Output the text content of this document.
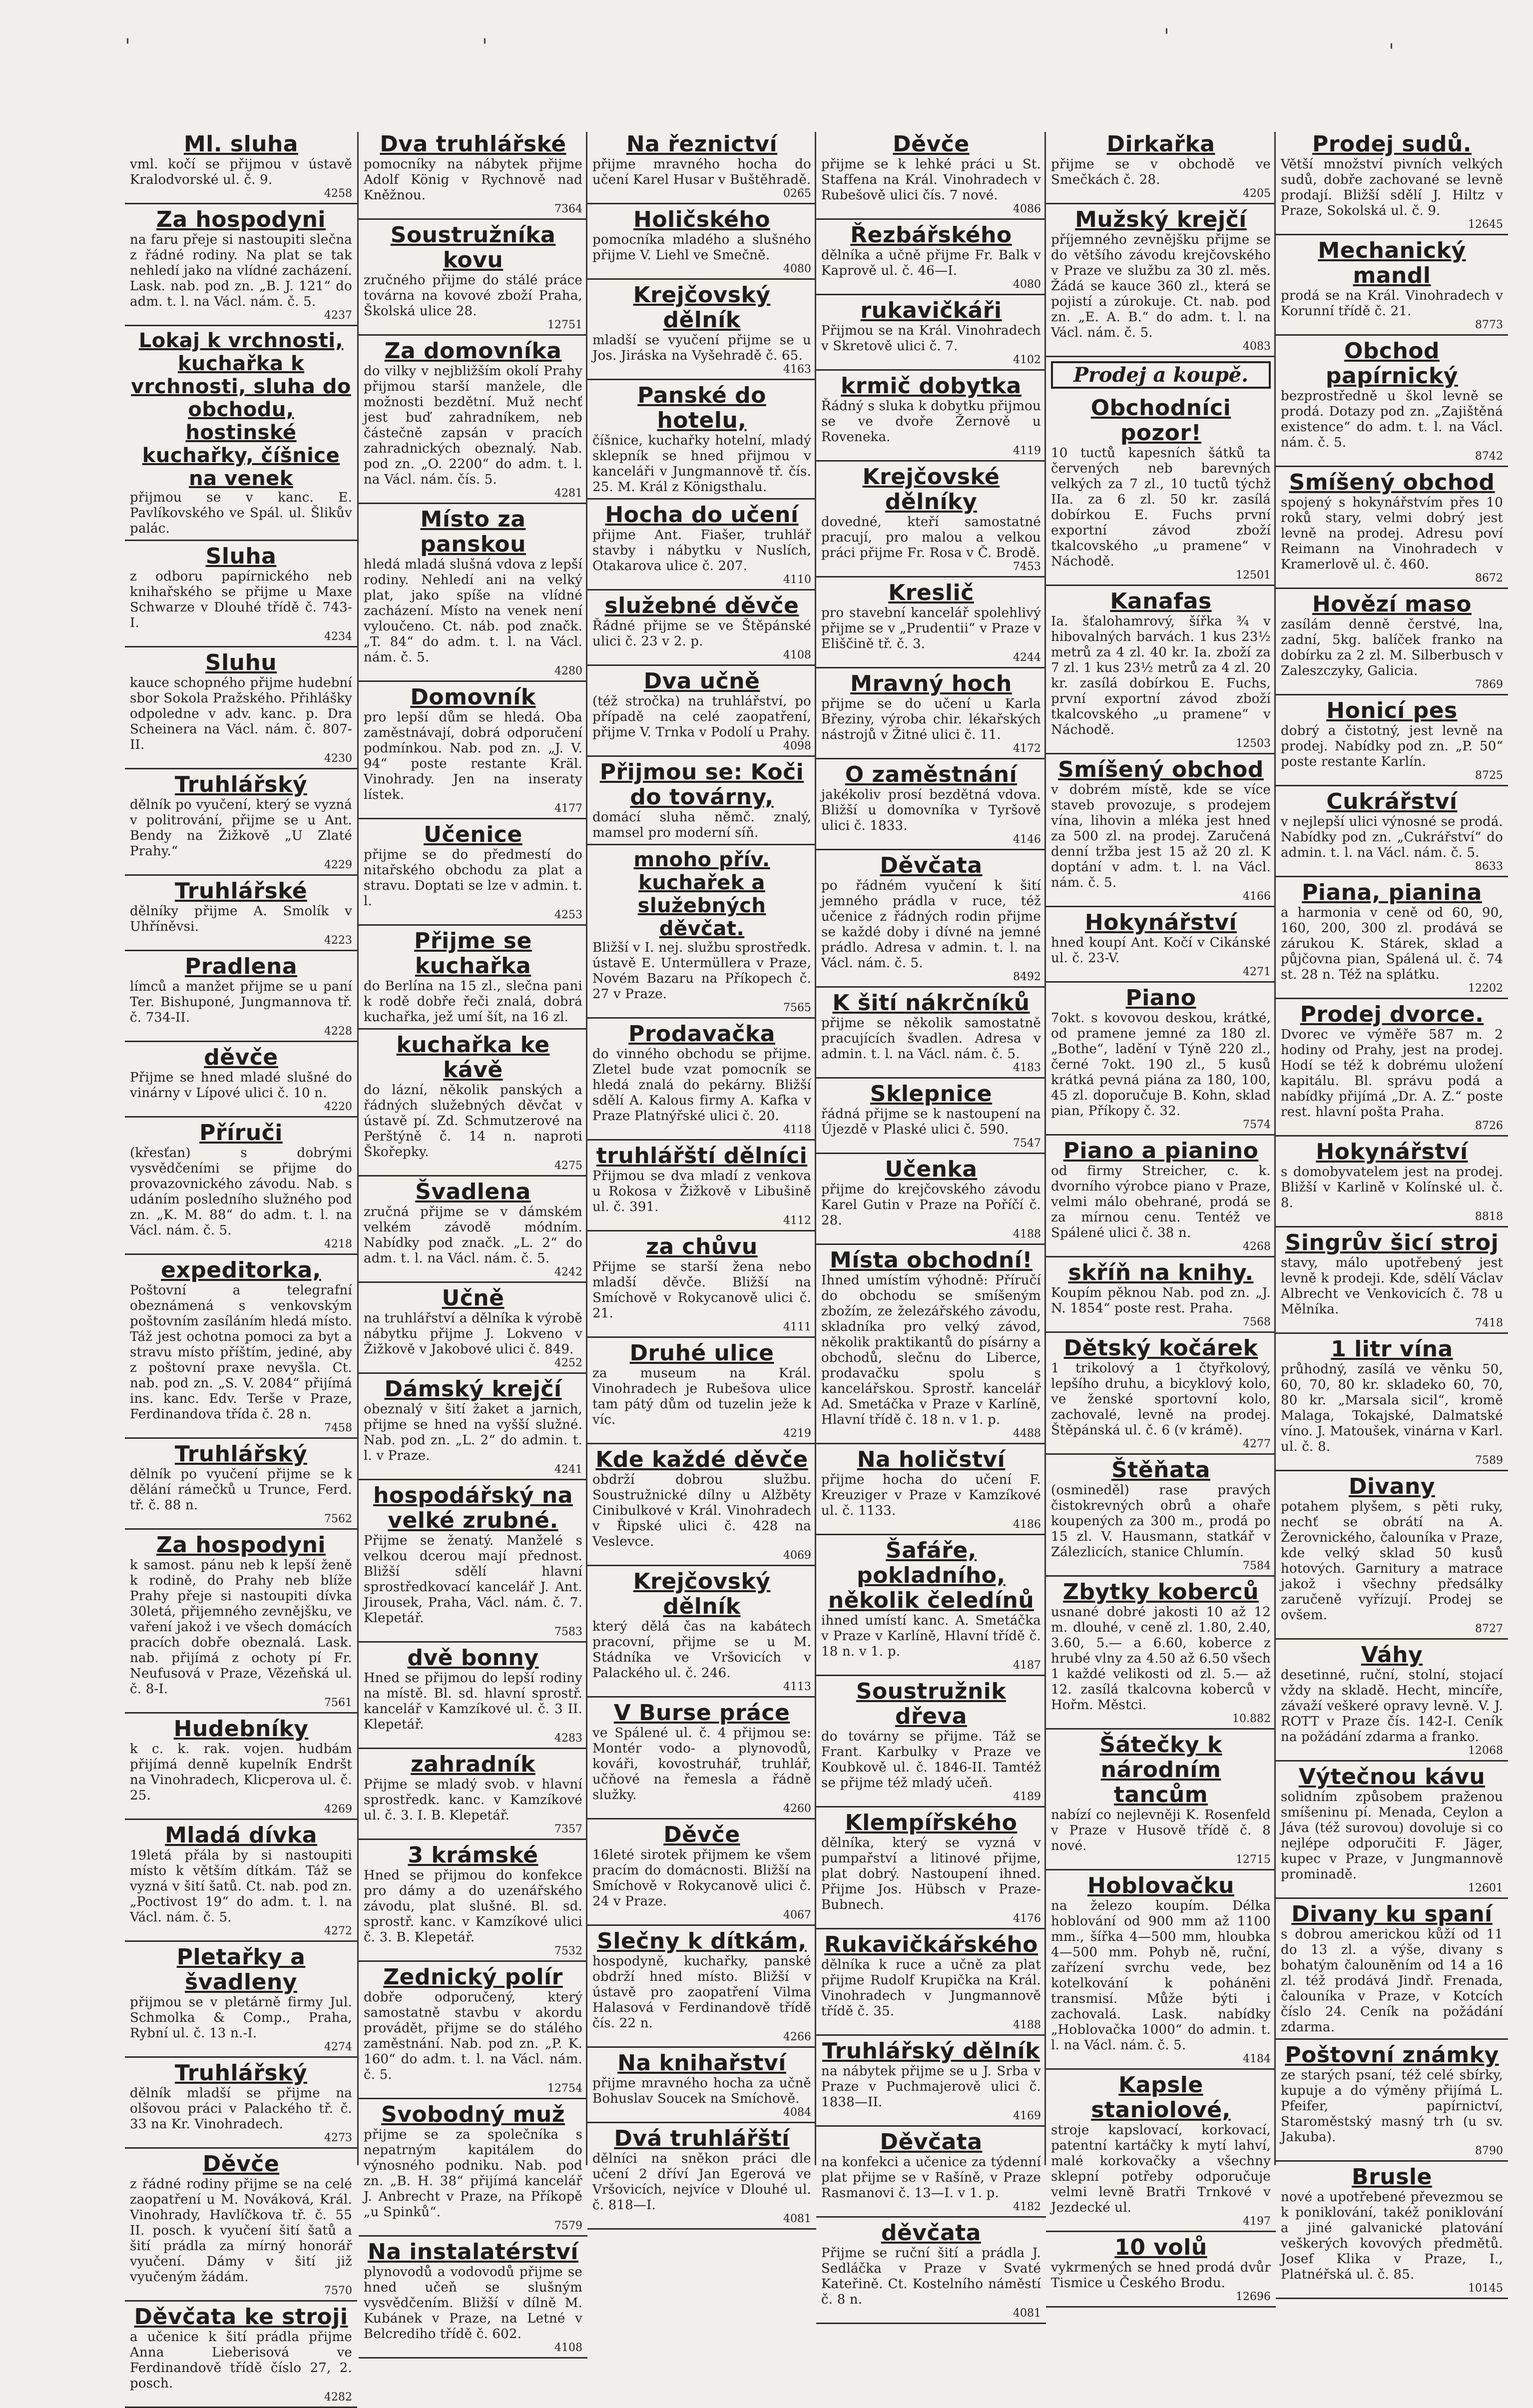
'	'	'
'
Ml. sluha
vml. kočí se přijmou v ústavě Kralodvorské ul. č. 9.
4258
Za hospodyni
na faru přeje si nastoupiti slečna z řádné rodiny. Na plat se tak nehledí jako na vlídné zacházení. Lask. nab. pod zn. „B. J. 121“ do adm. t. l. na Václ. nám. č. 5.
4237
Lokaj k vrchnosti, kuchařka k vrchnosti, sluha do obchodu, hostinské kuchařky, číšnice na venek
přijmou se v kanc. E. Pavlíkovského ve Spál. ul. Šlikův palác.
Sluha
z odboru papírnického neb knihařského se přijme u Maxe Schwarze v Dlouhé třídě č. 743-I.
4234
Sluhu
kauce schopného přijme hudební sbor Sokola Pražského. Přihlášky odpoledne v adv. kanc. p. Dra Scheinera na Václ. nám. č. 807-II.
4230
Truhlářský
dělník po vyučení, který se vyzná v politrování, přijme se u Ant. Bendy na Žižkově „U Zlaté Prahy.“
4229
Truhlářské
dělníky přijme A. Smolík v Uhříněvsi.
4223
Pradlena
límců a manžet přijme se u paní Ter. Bishuponé, Jungmannova tř. č. 734-II.
4228
děvče
Přijme se hned mladé slušné do vinárny v Lípové ulici č. 10 n.
4220
Příruči
(křesťan) s dobrými vysvědčeními se přijme do provazovnického závodu. Nab. s udáním posledního služného pod zn. „K. M. 88“ do adm. t. l. na Václ. nám. č. 5.
4218
expeditorka,
Poštovní a telegrafní obeznámená s venkovským poštovním zasíláním hledá místo. Táž jest ochotna pomoci za byt a stravu místo příštím, jediné, aby z poštovní praxe nevyšla. Ct. nab. pod zn. „S. V. 2084“ přijímá ins. kanc. Edv. Terše v Praze, Ferdinandova třída č. 28 n.
7458
Truhlářský
dělník po vyučení přijme se k dělání rámečků u Trunce, Ferd. tř. č. 88 n.
7562
Za hospodyni
k samost. pánu neb k lepší ženě k rodině, do Prahy neb blíže Prahy přeje si nastoupiti dívka 30letá, přijemného zevnějšku, ve vaření jakož i ve všech domácích pracích dobře obeznalá. Lask. nab. přijímá z ochoty pí Fr. Neufusová v Praze, Vězeňská ul. č. 8-I.
7561
Hudebníky
k c. k. rak. vojen. hudbám přijímá denně kupelník Endršt na Vinohradech, Klicperova ul. č. 25.
4269
Mladá dívka
19letá přála by si nastoupiti místo k větším dítkám. Táž se vyzná v šití šatů. Ct. nab. pod zn. „Poctivost 19“ do adm. t. l. na Václ. nám. č. 5.
4272
Pletařky a švadleny
přijmou se v pletárně firmy Jul. Schmolka & Comp., Praha, Rybní ul. č. 13 n.-I.
4274
Truhlářský
dělník mladší se přijme na olšovou práci v Palackého tř. č. 33 na Kr. Vinohradech.
4273
Děvče
z řádné rodiny přijme se na celé zaopatření u M. Nováková, Král. Vinohrady, Havlíčkova tř. č. 55 II. posch. k vyučení šití šatů a šití prádla za mírný honorář vyučení. Dámy v šití již vyučeným žádám.
7570
Děvčata ke stroji
a učenice k šití prádla přijme Anna Lieberisová ve Ferdinandově třídě číslo 27, 2. posch.
4282
Dva truhlářské
pomocníky na nábytek přijme Adolf König v Rychnově nad Kněžnou.
7364
Soustružníka kovu
zručného přijme do stálé práce továrna na kovové zboží Praha, Školská ulice 28.
12751
Za domovníka
do vilky v nejbližším okolí Prahy přijmou starší manžele, dle možnosti bezdětní. Muž nechť jest buď zahradníkem, neb částečně zapsán v pracích zahradnických obeznalý. Nab. pod zn. „O. 2200“ do adm. t. l. na Václ. nám. čís. 5.
4281
Místo za panskou
hledá mladá slušná vdova z lepší rodiny. Nehledí ani na velký plat, jako spíše na vlídné zacházení. Místo na venek není vyloučeno. Ct. náb. pod značk. „T. 84“ do adm. t. l. na Václ. nám. č. 5.
4280
Domovník
pro lepší dům se hledá. Oba zaměstnávají, dobrá odporučení podmínkou. Nab. pod zn. „J. V. 94“ poste restante Kräl. Vinohrady. Jen na inseraty lístek.
4177
Učenice
přijme se do předmestí do nitařského obchodu za plat a stravu. Doptati se lze v admin. t. l.
4253
Přijme se kuchařka
do Berlína na 15 zl., slečna pani k rodě dobře řeči znalá, dobrá kuchařka, jež umí šít, na 16 zl.
kuchařka ke kávě
do lázní, několik panských a řádných služebných děvčat v ústavě pí. Zd. Schmutzerové na Perštýně č. 14 n. naproti Škořepky.
4275
Švadlena
zručná přijme se v dámském velkém závodě módním. Nabídky pod značk. „L. 2“ do adm. t. l. na Václ. nám. č. 5.
4242
Učně
na truhlářství a dělníka k výrobě nábytku přijme J. Lokveno v Žižkově v Jakobové ulici č. 849.
4252
Dámský krejčí
obeznalý v šití žaket a jarnich, přijme se hned na vyšší služné. Nab. pod zn. „L. 2“ do admin. t. l. v Praze.
4241
hospodářský na velké zrubné.
Přijme se ženatý. Manželé s velkou dcerou mají přednost. Bližší sdělí hlavní sprostředkovací kancelář J. Ant. Jirousek, Praha, Václ. nám. č. 7. Klepetář.
7583
dvě bonny
Hned se přijmou do lepší rodiny na místě. Bl. sd. hlavní sprostř. kancelář v Kamzíkové ul. č. 3 II. Klepetář.
4283
zahradník
Přijme se mladý svob. v hlavní sprostředk. kanc. v Kamzíkové ul. č. 3. I. B. Klepetář.
7357
3 krámské
Hned se přijmou do konfekce pro dámy a do uzenářského závodu, plat slušné. Bl. sd. sprostř. kanc. v Kamzíkové ulici č. 3. B. Klepetář.
7532
Zednický polír
dobře odporučený, který samostatně stavbu v akordu provádět, přijme se do stálého zaměstnání. Nab. pod zn. „P. K. 160“ do adm. t. l. na Václ. nám. č. 5.
12754
Svobodný muž
přijme se za společníka s nepatrným kapitálem do výnosného podniku. Nab. pod zn. „B. H. 38“ přijímá kancelář J. Anbrecht v Praze, na Příkopě „u Spinků“.
7579
Na instalatérství
plynovodů a vodovodů přijme se hned učeň se slušným vysvědčením. Bližší v dílně M. Kubánek v Praze, na Letné v Belcrediho třídě č. 602.
4108
Na řeznictví
přijme mravného hocha do učení Karel Husar v Buštěhradě.
0265
Holičského
pomocníka mladého a slušného přijme V. Liehl ve Smečně.
4080
Krejčovský dělník
mladší se vyučení přijme se u Jos. Jiráska na Vyšehradě č. 65.
4163
Panské do hotelu,
číšnice, kuchařky hotelní, mladý sklepník se hned přijmou v kanceláři v Jungmannově tř. čís. 25. M. Král z Königsthalu.
Hocha do učení
přijme Ant. Fiašer, truhlář stavby i nábytku v Nuslích, Otakarova ulice č. 207.
4110
služebné děvče
Řádné přijme se ve Štěpánské ulici č. 23 v 2. p.
4108
Dva učně
(též stročka) na truhlářství, po případě na celé zaopatření, přijme V. Trnka v Podolí u Prahy.
4098
Přijmou se: Koči do továrny,
domácí sluha němč. znalý, mamsel pro moderní síň.
mnoho přív. kuchařek a služebných děvčat.
Bližší v I. nej. službu sprostředk. ústavě E. Untermüllera v Praze, Novém Bazaru na Příkopech č. 27 v Praze.
7565
Prodavačka
do vinného obchodu se přijme. Zletel bude vzat pomocník se hledá znalá do pekárny. Bližší sdělí A. Kalous firmy A. Kafka v Praze Platnýřské ulici č. 20.
4118
truhlářští dělníci
Přijmou se dva mladí z venkova u Rokosa v Žižkově v Libušině ul. č. 391.
4112
za chůvu
Přijme se starší žena nebo mladší děvče. Bližší na Smíchově v Rokycanově ulici č. 21.
4111
Druhé ulice
za museum na Král. Vinohradech je Rubešova ulice tam pátý dům od tuzelin ježe k víc.
4219
Kde každé děvče
obdrží dobrou službu. Soustružnické dílny u Alžběty Cinibulkové v Král. Vinohradech v Řipské ulici č. 428 na Veslevce.
4069
Krejčovský dělník
který dělá čas na kabátech pracovní, přijme se u M. Stádníka ve Vršovicích v Palackého ul. č. 246.
4113
V Burse práce
ve Spálené ul. č. 4 přijmou se: Montér vodo- a plynovodů, kováři, kovostruhář, truhlář, učňové na řemesla a řádně služky.
4260
Děvče
16leté sirotek přijmem ke všem pracím do domácnosti. Bližší na Smíchově v Rokycanově ulici č. 24 v Praze.
4067
Slečny k dítkám,
hospodyně, kuchařky, panské obdrží hned místo. Bližší v ústavě pro zaopatření Vilma Halasová v Ferdinandově třídě čís. 22 n.
4266
Na knihařství
přijme mravného hocha za učně Bohuslav Soucek na Smíchově.
4084
Dvá truhlářští
dělníci na sněkon práci dle učení 2 dříví Jan Egerová ve Vršovicích, nejvíce v Dlouhé ul. č. 818—I.
4081
Děvče
přijme se k lehké práci u St. Staffena na Král. Vinohradech v Rubešově ulici čís. 7 nové.
4086
Řezbářského
dělníka a učně přijme Fr. Balk v Kaprově ul. č. 46—I.
4080
rukavičkáři
Přijmou se na Král. Vinohradech v Skretově ulici č. 7.
4102
krmič dobytka
Řádný s sluka k dobytku přijmou se ve dvoře Žernově u Roveneka.
4119
Krejčovské dělníky
dovedné, kteří samostatné pracují, pro malou a velkou práci přijme Fr. Rosa v Č. Brodě.
7453
Kreslič
pro stavební kancelář spolehlivý přijme se v „Prudentii“ v Praze v Eliščině tř. č. 3.
4244
Mravný hoch
přijme se do učení u Karla Březiny, výroba chir. lékařských nástrojů v Žitné ulici č. 11.
4172
O zaměstnání
jakékoliv prosí bezdětná vdova. Bližší u domovníka v Tyršově ulici č. 1833.
4146
Děvčata
po řádném vyučení k šití jemného prádla v ruce, též učenice z řádných rodin přijme se každé doby i dívné na jemné prádlo. Adresa v admin. t. l. na Václ. nám. č. 5.
8492
K šití nákrčníků
přijme se několik samostatně pracujících švadlen. Adresa v admin. t. l. na Václ. nám. č. 5.
4183
Sklepnice
řádná přijme se k nastoupení na Újezdě v Plaské ulici č. 590.
7547
Učenka
přijme do krejčovského závodu Karel Gutin v Praze na Poříčí č. 28.
4188
Místa obchodní!
Ihned umístím výhodně: Příručí do obchodu se smíšeným zbožím, ze železářského závodu, skladníka pro velký závod, několik praktikantů do písárny a obchodů, slečnu do Liberce, prodavačku spolu s kancelářskou. Sprostř. kancelář Ad. Smetáčka v Praze v Karlíně, Hlavní třídě č. 18 n. v 1. p.
4488
Na holičství
přijme hocha do učení F. Kreuziger v Praze v Kamzíkové ul. č. 1133.
4186
Šafáře, pokladního, několik čeledínů
ihned umístí kanc. A. Smetáčka v Praze v Karlíně, Hlavní třídě č. 18 n. v 1. p.
4187
Soustružnik dřeva
do továrny se přijme. Táž se Frant. Karbulky v Praze ve Koubkově ul. č. 1846-II. Tamtéž se přijme též mladý učeň.
4189
Klempířského
dělníka, který se vyzná v pumpařství a litinové přijme, plat dobrý. Nastoupení ihned. Přijme Jos. Hübsch v Praze-Bubnech.
4176
Rukavičkářského
dělníka k ruce a učně za plat přijme Rudolf Krupička na Král. Vinohradech v Jungmannově třídě č. 35.
4188
Truhlářský dělník
na nábytek přijme se u J. Srba v Praze v Puchmajerově ulici č. 1838—II.
4169
Děvčata
na konfekci a učenice za týdenní plat přijme se v Rašíně, v Praze Rasmanovi č. 13—I. v 1. p.
4182
děvčata
Přijme se ruční šití a prádla J. Sedláčka v Praze v Svaté Kateřině. Ct. Kostelního náměstí č. 8 n.
4081
Dirkařka
přijme se v obchodě ve Smečkách č. 28.
4205
Mužský krejčí
příjemného zevnějšku přijme se do většího závodu krejčovského v Praze ve službu za 30 zl. měs. Žádá se kauce 360 zl., která se pojistí a zúrokuje. Ct. nab. pod zn. „E. A. B.“ do adm. t. l. na Václ. nám. č. 5.
4083
Prodej a koupě.
Obchodníci pozor!
10 tuctů kapesních šátků ta červených neb barevných velkých za 7 zl., 10 tuctů týchž IIa. za 6 zl. 50 kr. zasílá dobírkou E. Fuchs první exportní závod zboží tkalcovského „u pramene“ v Náchodě.
12501
Kanafas
Ia. šťalohamrový, šířka ¾ v hibovalných barvách. 1 kus 23½ metrů za 4 zl. 40 kr. Ia. zboží za 7 zl. 1 kus 23½ metrů za 4 zl. 20 kr. zasílá dobírkou E. Fuchs, první exportní závod zboží tkalcovského „u pramene“ v Náchodě.
12503
Smíšený obchod
v dobrém místě, kde se více staveb provozuje, s prodejem vína, lihovin a mléka jest hned za 500 zl. na prodej. Zaručená denní tržba jest 15 až 20 zl. K doptání v adm. t. l. na Václ. nám. č. 5.
4166
Hokynářství
hned koupí Ant. Kočí v Cikánské ul. č. 23-V.
4271
Piano
7okt. s kovovou deskou, krátké, od pramene jemné za 180 zl. „Bothe“, ladění v Týně 220 zl., černé 7okt. 190 zl., 5 kusů krátká pevná piána za 180, 100, 45 zl. doporučuje B. Kohn, sklad pian, Příkopy č. 32.
7574
Piano a pianino
od firmy Streicher, c. k. dvorního výrobce piano v Praze, velmi málo obehrané, prodá se za mírnou cenu. Tentéž ve Spálené ulici č. 38 n.
4268
skříň na knihy.
Koupím pěknou Nab. pod zn. „J. N. 1854“ poste rest. Praha.
7568
Dětský kočárek
1 trikolový a 1 čtyřkolový, lepšího druhu, a bicyklový kolo, ve ženské sportovní kolo, zachovalé, levně na prodej. Štěpánská ul. č. 6 (v krámě).
4277
Štěňata
(osmineděl) rase pravých čistokrevných obrů a ohaře koupených za 300 m., prodá po 15 zl. V. Hausmann, statkář v Zálezlicích, stanice Chlumín.
7584
Zbytky koberců
usnané dobré jakosti 10 až 12 m. dlouhé, v ceně zl. 1.80, 2.40, 3.60, 5.— a 6.60, koberce z hrubé vlny za 4.50 až 6.50 všech 1 každé velikosti od zl. 5.— až 12. zasílá tkalcovna koberců v Hořm. Městci.
10.882
Šátečky k národním tancům
nabízí co nejlevněji K. Rosenfeld v Praze v Husově třídě č. 8 nové.
12715
Hoblovačku
na železo koupím. Délka hoblování od 900 mm až 1100 mm., šířka 4—500 mm, hloubka 4—500 mm. Pohyb ně, ruční, zařízení svrchu vede, bez kotelkování k poháněni transmisí. Může býti i zachovalá. Lask. nabídky „Hoblovačka 1000“ do admin. t. l. na Václ. nám. č. 5.
4184
Kapsle staniolové,
stroje kapslovací, korkovací, patentní kartáčky k mytí lahví, malé korkovačky a všechny sklepní potřeby odporučuje velmi levně Bratři Trnkové v Jezdecké ul.
4197
10 volů
vykrmených se hned prodá dvůr Tismice u Českého Brodu.
12696
Prodej sudů.
Větší množství pivních velkých sudů, dobře zachované se levně prodají. Bližší sdělí J. Hiltz v Praze, Sokolská ul. č. 9.
12645
Mechanický mandl
prodá se na Král. Vinohradech v Korunní třídě č. 21.
8773
Obchod papírnický
bezprostředně u škol levně se prodá. Dotazy pod zn. „Zajištěná existence“ do adm. t. l. na Václ. nám. č. 5.
8742
Smíšený obchod
spojený s hokynářstvím přes 10 roků stary, velmi dobrý jest levně na prodej. Adresu poví Reimann na Vinohradech v Kramerlově ul. č. 460.
8672
Hovězí maso
zasílám denně čerstvé, lna, zadní, 5kg. balíček franko na dobírku za 2 zl. M. Silberbusch v Zaleszczyky, Galicia.
7869
Honicí pes
dobrý a čistotný, jest levně na prodej. Nabídky pod zn. „P. 50“ poste restante Karlín.
8725
Cukrářství
v nejlepší ulici výnosné se prodá. Nabídky pod zn. „Cukrářství“ do admin. t. l. na Václ. nám. č. 5.
8633
Piana, pianina
a harmonia v ceně od 60, 90, 160, 200, 300 zl. prodává se zárukou K. Stárek, sklad a půjčovna pian, Spálená ul. č. 74 st. 28 n. Též na splátku.
12202
Prodej dvorce.
Dvorec ve výměře 587 m. 2 hodiny od Prahy, jest na prodej. Hodí se též k dobrému uložení kapitálu. Bl. správu podá a nabídky přijímá „Dr. A. Z.“ poste rest. hlavní pošta Praha.
8726
Hokynářství
s domobyvatelem jest na prodej. Bližší v Karlině v Kolínské ul. č. 8.
8818
Singrův šicí stroj
stavy, málo upotřebený jest levně k prodeji. Kde, sdělí Václav Albrecht ve Venkovicích č. 78 u Mělníka.
7418
1 litr vína
průhodný, zasílá ve věnku 50, 60, 70, 80 kr. skladeko 60, 70, 80 kr. „Marsala sicil“, kromě Malaga, Tokajské, Dalmatské víno. J. Matoušek, vinárna v Karl. ul. č. 8.
7589
Divany
potahem plyšem, s pěti ruky, nechť se obrátí na A. Žerovnického, čalouníka v Praze, kde velký sklad 50 kusů hotových. Garnitury a matrace jakož i všechny předsálky zaručeně vyřízují. Prodej se ovšem.
8727
Váhy
desetinné, ruční, stolní, stojací vždy na skladě. Hecht, mincíře, závaží veškeré opravy levně. V. J. ROTT v Praze čís. 142-I. Ceník na požádání zdarma a franko.
12068
Výtečnou kávu
solidním způsobem praženou smíšeninu pí. Menada, Ceylon a Jáva (též surovou) dovoluje si co nejlépe odporučiti F. Jäger, kupec v Praze, v Jungmannově prominadě.
12601
Divany ku spaní
s dobrou americkou kůží od 11 do 13 zl. a výše, divany s bohatým čalouněním od 14 a 16 zl. též prodává Jindř. Frenada, čalouníka v Praze, v Kotcích číslo 24. Ceník na požádání zdarma.
Poštovní známky
ze starých psaní, též celé sbírky, kupuje a do výměny přijímá L. Pfeifer, papírnictví, Staroměstský masný trh (u sv. Jakuba).
8790
Brusle
nové a upotřebené převezmou se k poniklování, takéž poniklování a jiné galvanické platování veškerých kovových předmětů. Josef Klika v Praze, I., Platnéřská ul. č. 85.
10145
